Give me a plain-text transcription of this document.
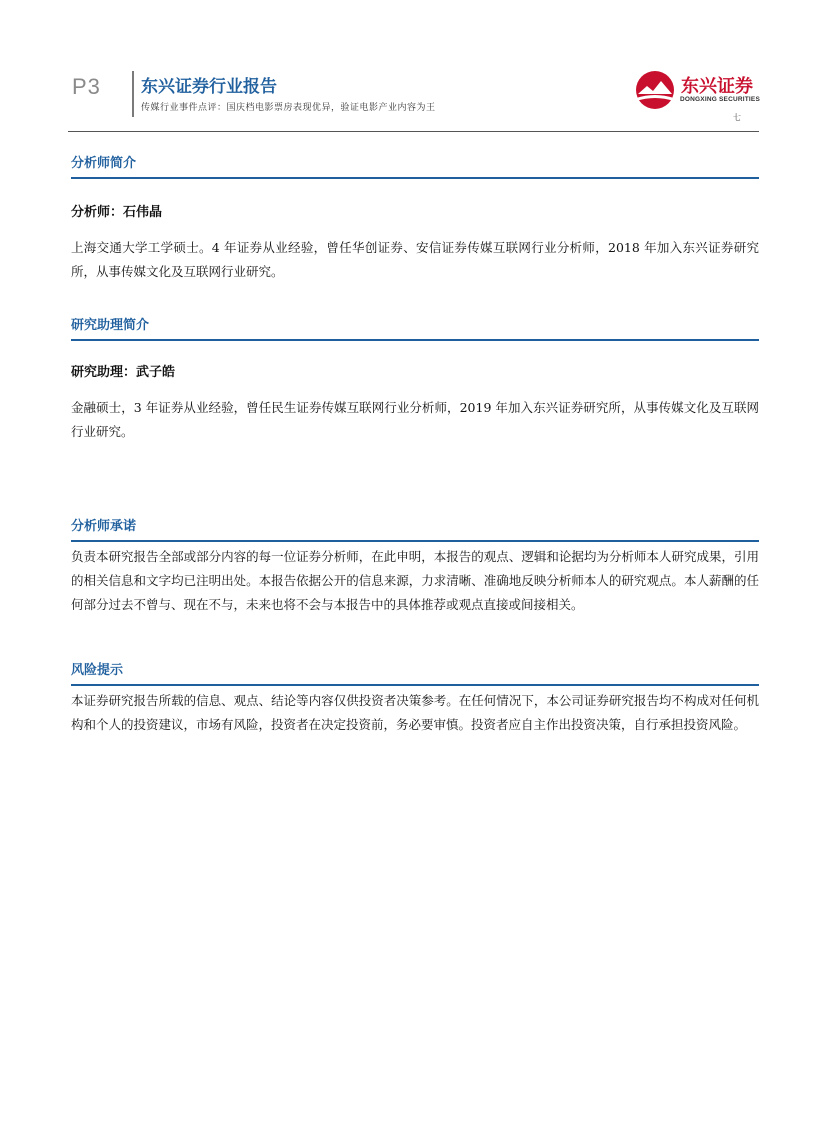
P3 东兴证券行业报告
传媒行业事件点评：国庆档电影票房表现优异，验证电影产业内容为王
东兴证券
DONGXING SECURITIES
七
分析师简介
分析师：石伟晶
上海交通大学工学硕士。4 年证券从业经验，曾任华创证券、安信证券传媒互联网行业分析师，2018 年加入东兴证券研究所，从事传媒文化及互联网行业研究。
研究助理简介
研究助理：武子皓
金融硕士，3 年证券从业经验，曾任民生证券传媒互联网行业分析师，2019 年加入东兴证券研究所，从事传媒文化及互联网行业研究。
分析师承诺
负责本研究报告全部或部分内容的每一位证券分析师，在此申明，本报告的观点、逻辑和论据均为分析师本人研究成果，引用的相关信息和文字均已注明出处。本报告依据公开的信息来源，力求清晰、准确地反映分析师本人的研究观点。本人薪酬的任何部分过去不曾与、现在不与，未来也将不会与本报告中的具体推荐或观点直接或间接相关。
风险提示
本证券研究报告所载的信息、观点、结论等内容仅供投资者决策参考。在任何情况下，本公司证券研究报告均不构成对任何机构和个人的投资建议，市场有风险，投资者在决定投资前，务必要审慎。投资者应自主作出投资决策，自行承担投资风险。
